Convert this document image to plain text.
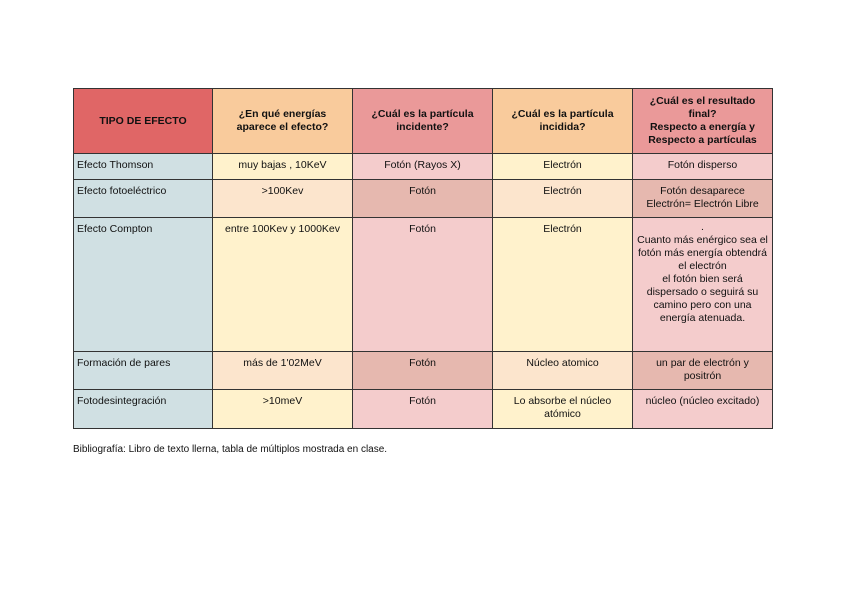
TIPO DE EFECTO	¿En qué energías aparece el efecto?	¿Cuál es la partícula incidente?	¿Cuál es la partícula incidida?	¿Cuál es el resultado final?
Respecto a energía y Respecto a partículas

Efecto Thomson	muy bajas , 10KeV	Fotón (Rayos X)	Electrón	Fotón disperso

Efecto fotoeléctrico	>100Kev	Fotón	Electrón	Fotón desaparece
Electrón= Electrón Libre

Efecto Compton	entre 100Kev y 1000Kev	Fotón	Electrón	.
Cuanto más enérgico sea el fotón más energía obtendrá el electrón
el fotón bien será dispersado o seguirá su camino pero con una energía atenuada.

Formación de pares	más de 1'02MeV	Fotón	Núcleo atomico	un par de electrón y positrón

Fotodesintegración	>10meV	Fotón	Lo absorbe el núcleo atómico	núcleo (núcleo excitado)
Bibliografía: Libro de texto llerna, tabla de múltiplos mostrada en clase.
